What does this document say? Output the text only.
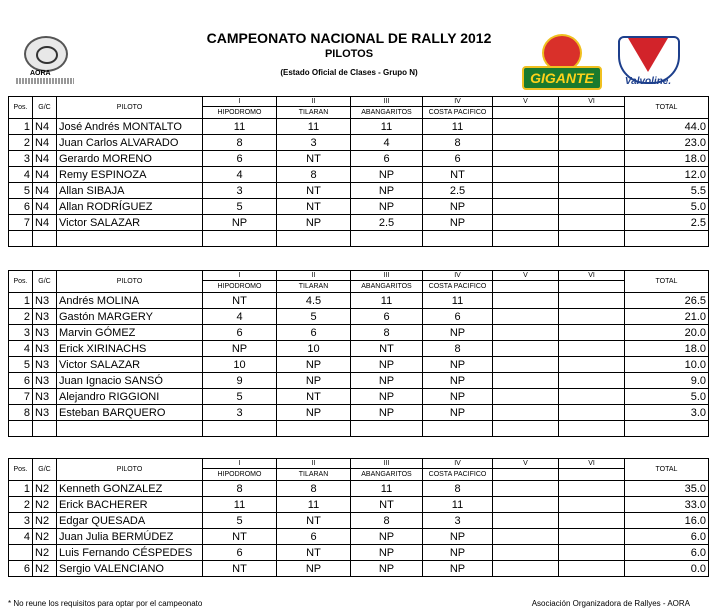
AORA
CAMPEONATO NACIONAL DE RALLY 2012
PILOTOS
(Estado Oficial de Clases - Grupo N)	GIGANTE	Valvoline.
Pos.	G/C	PILOTO	I	II	III	IV	V	VI	TOTAL
			HIPODROMO	TILARAN	ABANGARITOS	COSTA PACIFICO			
1	N4	José Andrés MONTALTO	11	11	11	11			44.0
2	N4	Juan Carlos ALVARADO	8	3	4	8			23.0
3	N4	Gerardo MORENO	6	NT	6	6			18.0
4	N4	Remy ESPINOZA	4	8	NP	NT			12.0
5	N4	Allan SIBAJA	3	NT	NP	2.5			5.5
6	N4	Allan RODRÍGUEZ	5	NT	NP	NP			5.0
7	N4	Victor SALAZAR	NP	NP	2.5	NP			2.5

Pos.	G/C	PILOTO	I	II	III	IV	V	VI	TOTAL
			HIPODROMO	TILARAN	ABANGARITOS	COSTA PACIFICO			
1	N3	Andrés MOLINA	NT	4.5	11	11			26.5
2	N3	Gastón MARGERY	4	5	6	6			21.0
3	N3	Marvin GÓMEZ	6	6	8	NP			20.0
4	N3	Erick XIRINACHS	NP	10	NT	8			18.0
5	N3	Victor SALAZAR	10	NP	NP	NP			10.0
6	N3	Juan Ignacio SANSÓ	9	NP	NP	NP			9.0
7	N3	Alejandro RIGGIONI	5	NT	NP	NP			5.0
8	N3	Esteban BARQUERO	3	NP	NP	NP			3.0

Pos.	G/C	PILOTO	I	II	III	IV	V	VI	TOTAL
			HIPODROMO	TILARAN	ABANGARITOS	COSTA PACIFICO			
1	N2	Kenneth GONZALEZ	8	8	11	8			35.0
2	N2	Erick BACHERER	11	11	NT	11			33.0
3	N2	Edgar QUESADA	5	NT	8	3			16.0
4	N2	Juan Julia BERMÚDEZ	NT	6	NP	NP			6.0
	N2	Luis Fernando CÉSPEDES	6	NT	NP	NP			6.0
6	N2	Sergio VALENCIANO	NT	NP	NP	NP			0.0
* No reune los requisitos para optar por el campeonato	Asociación Organizadora de Rallyes - AORA
